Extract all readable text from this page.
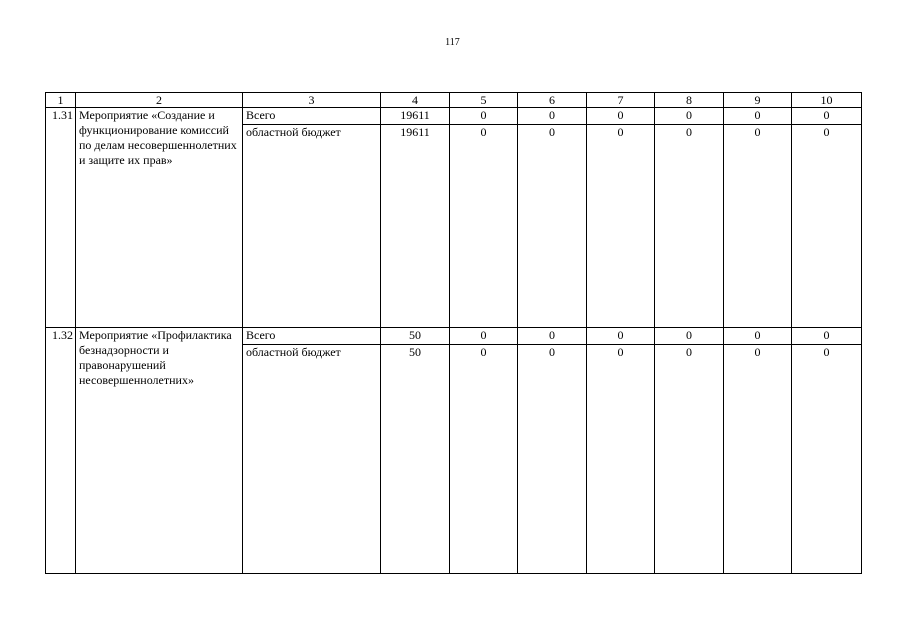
117
1	2	3	4	5	6	7	8	9	10
1.31	Мероприятие «Создание и функционирование комиссий по делам несовершеннолетних и защите их прав»	Всего	19611	0	0	0	0	0	0
		областной бюджет	19611	0	0	0	0	0	0
1.32	Мероприятие «Профилактика безнадзорности и правонарушений несовершеннолетних»	Всего	50	0	0	0	0	0	0
		областной бюджет	50	0	0	0	0	0	0
